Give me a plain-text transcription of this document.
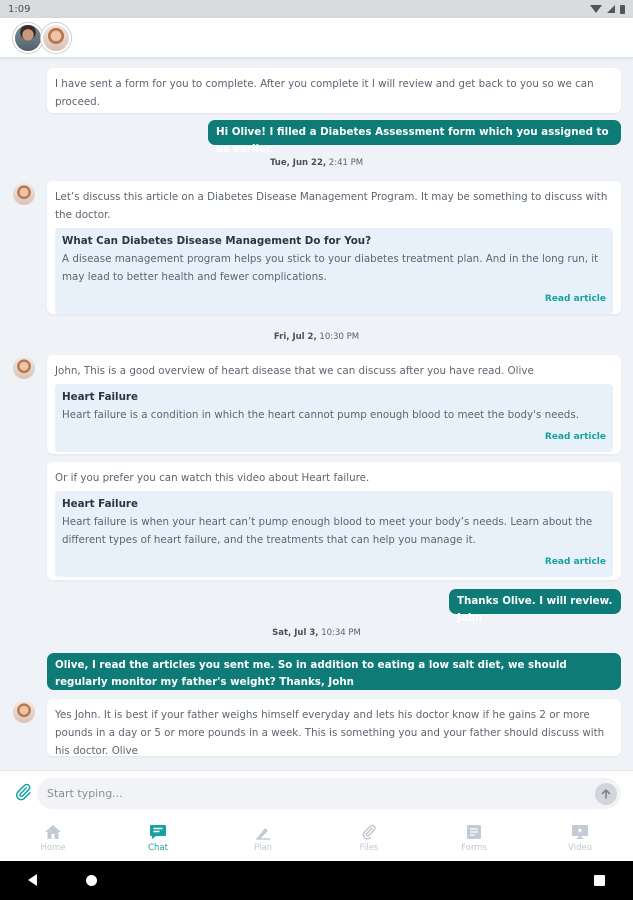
1:09
I have sent a form for you to complete. After you complete it I will review and get back to you so we can proceed.
Hi Olive! I filled a Diabetes Assessment form which you assigned to us earlier.
Tue, Jun 22, 2:41 PM
Let’s discuss this article on a Diabetes Disease Management Program. It may be something to discuss with the doctor.
What Can Diabetes Disease Management Do for You?
A disease management program helps you stick to your diabetes treatment plan. And in the long run, it may lead to better health and fewer complications.
Read article
Fri, Jul 2, 10:30 PM
John, This is a good overview of heart disease that we can discuss after you have read. Olive
Heart Failure
Heart failure is a condition in which the heart cannot pump enough blood to meet the body's needs.
Read article
Or if you prefer you can watch this video about Heart failure.
Heart Failure
Heart failure is when your heart can’t pump enough blood to meet your body’s needs. Learn about the different types of heart failure, and the treatments that can help you manage it.
Read article
Thanks Olive. I will review. John
Sat, Jul 3, 10:34 PM
Olive, I read the articles you sent me. So in addition to eating a low salt diet, we should regularly monitor my father's weight? Thanks, John
Yes John. It is best if your father weighs himself everyday and lets his doctor know if he gains 2 or more pounds in a day or 5 or more pounds in a week. This is something you and your father should discuss with his doctor. Olive
Start typing...
Home	Chat	Plan	Files	Forms	Video
